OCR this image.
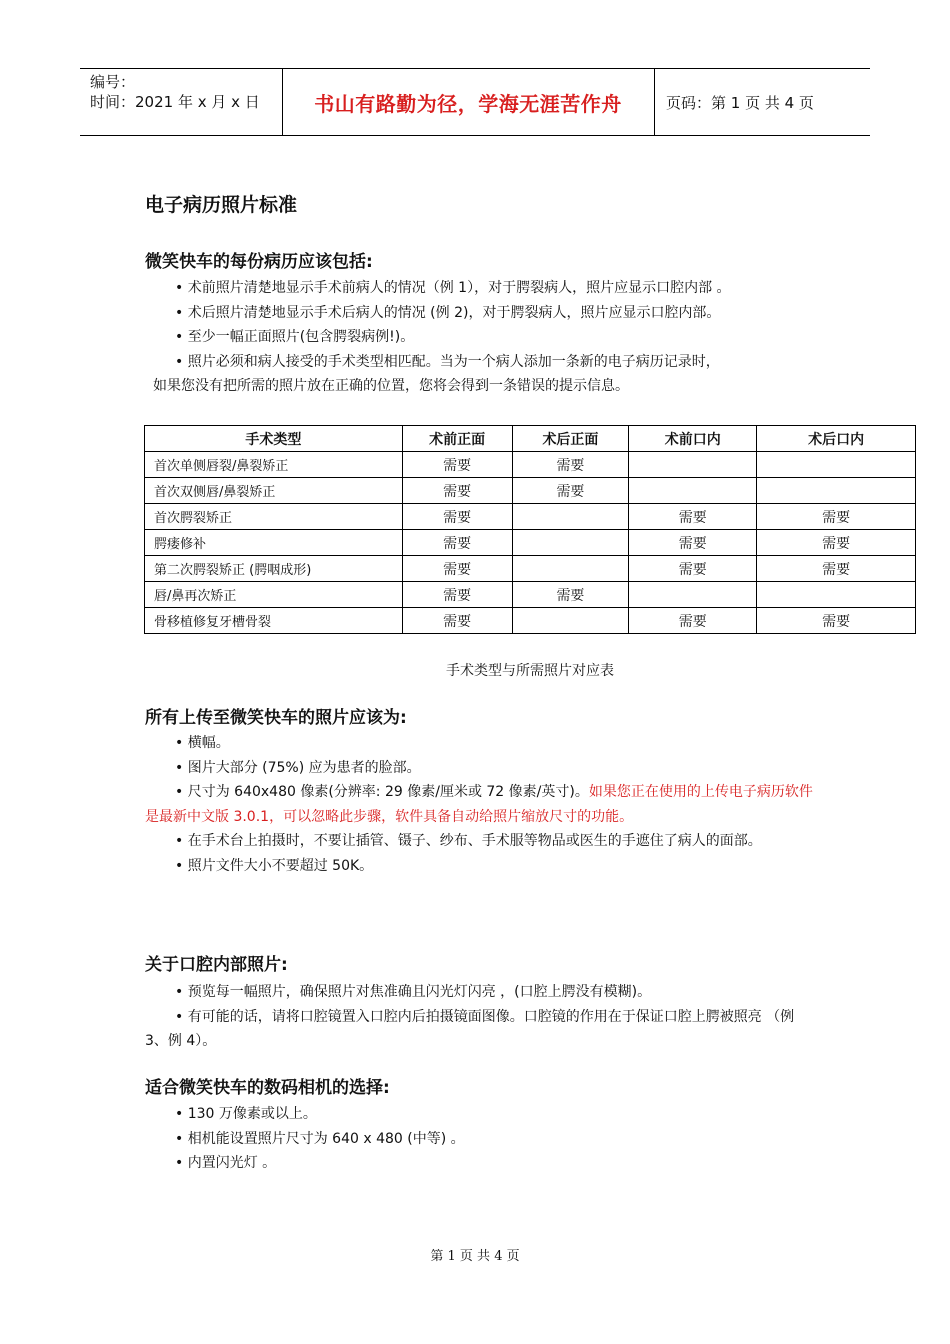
编号：
时间：2021 年 x 月 x 日	书山有路勤为径，学海无涯苦作舟	页码：第 1 页 共 4 页
电子病历照片标准
微笑快车的每份病历应该包括:
• 术前照片清楚地显示手术前病人的情况（例 1），对于腭裂病人，照片应显示口腔内部 。
• 术后照片清楚地显示手术后病人的情况 (例 2)，对于腭裂病人，照片应显示口腔内部。
• 至少一幅正面照片(包含腭裂病例!)。
• 照片必须和病人接受的手术类型相匹配。当为一个病人添加一条新的电子病历记录时，
如果您没有把所需的照片放在正确的位置，您将会得到一条错误的提示信息。
手术类型	术前正面	术后正面	术前口内	术后口内
首次单侧唇裂/鼻裂矫正	需要	需要		
首次双侧唇/鼻裂矫正	需要	需要		
首次腭裂矫正	需要		需要	需要
腭瘘修补	需要		需要	需要
第二次腭裂矫正 (腭咽成形)	需要		需要	需要
唇/鼻再次矫正	需要	需要		
骨移植修复牙槽骨裂	需要		需要	需要
手术类型与所需照片对应表
所有上传至微笑快车的照片应该为:
• 横幅。
• 图片大部分 (75%) 应为患者的脸部。
• 尺寸为 640x480 像素(分辨率: 29 像素/厘米或 72 像素/英寸)。如果您正在使用的上传电子病历软件是最新中文版 3.0.1，可以忽略此步骤，软件具备自动给照片缩放尺寸的功能。
• 在手术台上拍摄时，不要让插管、镊子、纱布、手术服等物品或医生的手遮住了病人的面部。
• 照片文件大小不要超过 50K。
关于口腔内部照片:
• 预览每一幅照片，确保照片对焦准确且闪光灯闪亮 ，(口腔上腭没有模糊)。
• 有可能的话，请将口腔镜置入口腔内后拍摄镜面图像。口腔镜的作用在于保证口腔上腭被照亮 （例 3、例 4）。
适合微笑快车的数码相机的选择:
• 130 万像素或以上。
• 相机能设置照片尺寸为 640 x 480 (中等) 。
• 内置闪光灯 。
第 1 页 共 4 页
